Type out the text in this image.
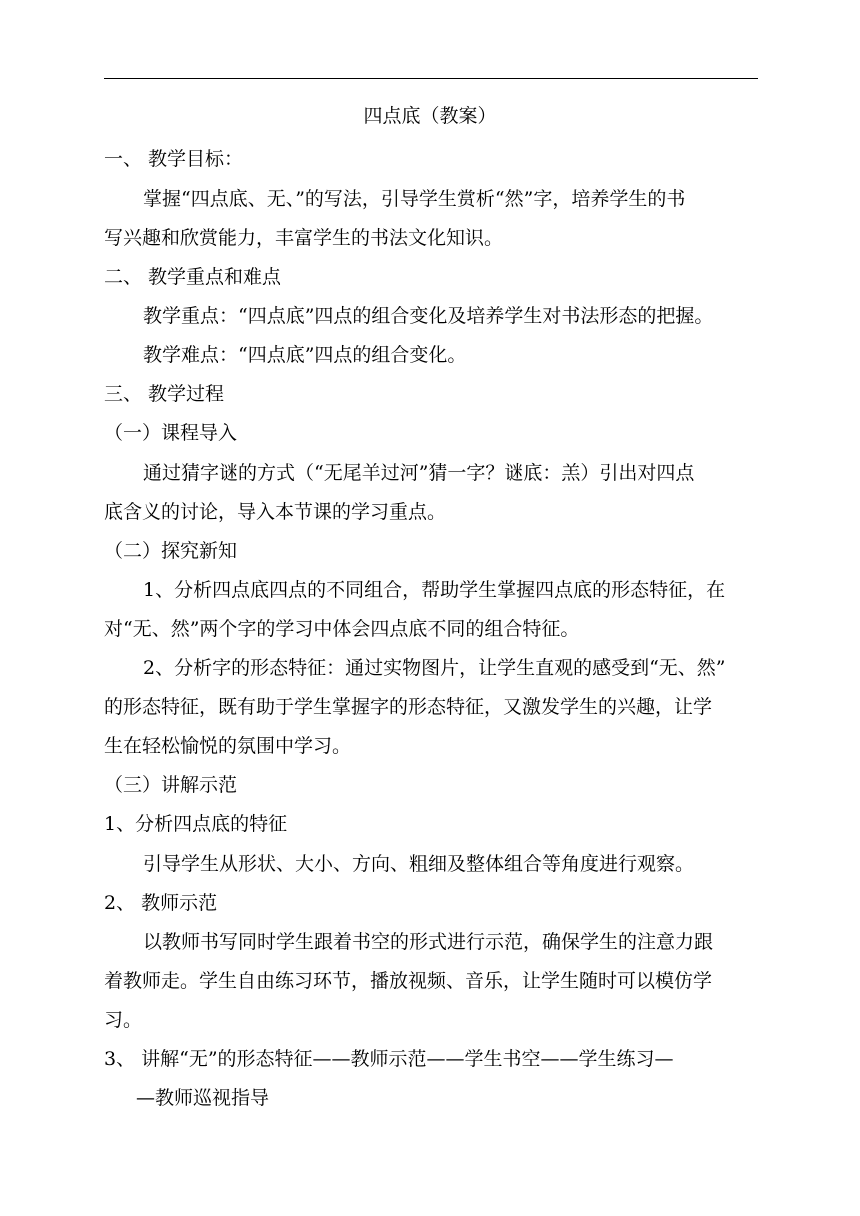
四点底（教案）
一、 教学目标：
掌握“四点底、无、”的写法，引导学生赏析“然”字，培养学生的书
写兴趣和欣赏能力，丰富学生的书法文化知识。
二、 教学重点和难点
教学重点：“四点底”四点的组合变化及培养学生对书法形态的把握。
教学难点：“四点底”四点的组合变化。
三、 教学过程
（一）课程导入
通过猜字谜的方式（“无尾羊过河”猜一字？谜底：羔）引出对四点
底含义的讨论，导入本节课的学习重点。
（二）探究新知
1、分析四点底四点的不同组合，帮助学生掌握四点底的形态特征，在
对“无、然”两个字的学习中体会四点底不同的组合特征。
2、分析字的形态特征：通过实物图片，让学生直观的感受到“无、然”
的形态特征，既有助于学生掌握字的形态特征，又激发学生的兴趣，让学
生在轻松愉悦的氛围中学习。
（三）讲解示范
1、分析四点底的特征
引导学生从形状、大小、方向、粗细及整体组合等角度进行观察。
2、 教师示范
以教师书写同时学生跟着书空的形式进行示范，确保学生的注意力跟
着教师走。学生自由练习环节，播放视频、音乐，让学生随时可以模仿学
习。
3、 讲解“无”的形态特征——教师示范——学生书空——学生练习—
—教师巡视指导
